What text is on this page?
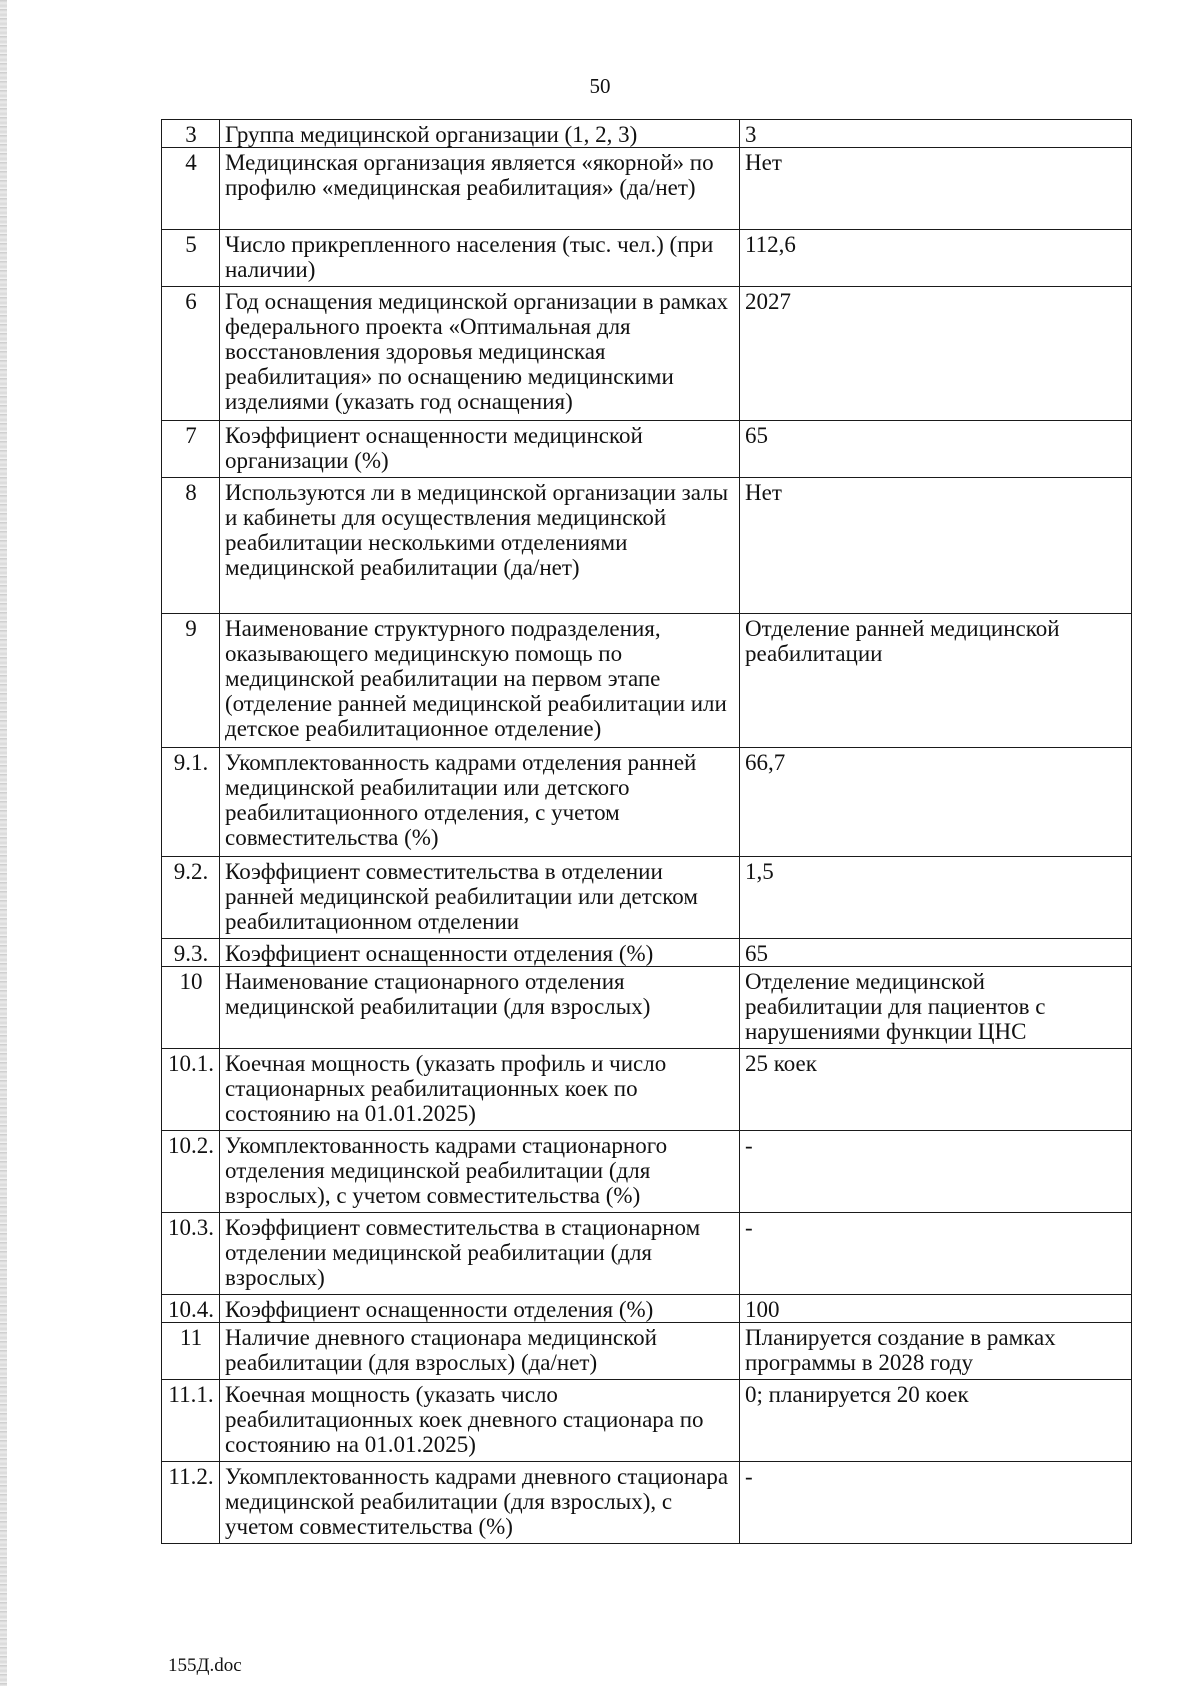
50
3	Группа медицинской организации (1, 2, 3)	3
4	Медицинская организация является «якорной» по профилю «медицинская реабилитация» (да/нет)	Нет
5	Число прикрепленного населения (тыс. чел.) (при наличии)	112,6
6	Год оснащения медицинской организации в рамках федерального проекта «Оптимальная для восстановления здоровья медицинская реабилитация» по оснащению медицинскими изделиями (указать год оснащения)	2027
7	Коэффициент оснащенности медицинской организации (%)	65
8	Используются ли в медицинской организации залы и кабинеты для осуществления медицинской реабилитации несколькими отделениями медицинской реабилитации (да/нет)	Нет
9	Наименование структурного подразделения, оказывающего медицинскую помощь по медицинской реабилитации на первом этапе (отделение ранней медицинской реабилитации или детское реабилитационное отделение)	Отделение ранней медицинской реабилитации
9.1.	Укомплектованность кадрами отделения ранней медицинской реабилитации или детского реабилитационного отделения, с учетом совместительства (%)	66,7
9.2.	Коэффициент совместительства в отделении ранней медицинской реабилитации или детском реабилитационном отделении	1,5
9.3.	Коэффициент оснащенности отделения (%)	65
10	Наименование стационарного отделения медицинской реабилитации (для взрослых)	Отделение медицинской реабилитации для пациентов с нарушениями функции ЦНС
10.1.	Коечная мощность (указать профиль и число стационарных реабилитационных коек по состоянию на 01.01.2025)	25 коек
10.2.	Укомплектованность кадрами стационарного отделения медицинской реабилитации (для взрослых), с учетом совместительства (%)	-
10.3.	Коэффициент совместительства в стационарном отделении медицинской реабилитации (для взрослых)	-
10.4.	Коэффициент оснащенности отделения (%)	100
11	Наличие дневного стационара медицинской реабилитации (для взрослых) (да/нет)	Планируется создание в рамках программы в 2028 году
11.1.	Коечная мощность (указать число реабилитационных коек дневного стационара по состоянию на 01.01.2025)	0; планируется 20 коек
11.2.	Укомплектованность кадрами дневного стационара медицинской реабилитации (для взрослых), с учетом совместительства (%)	-
155Д.doc
